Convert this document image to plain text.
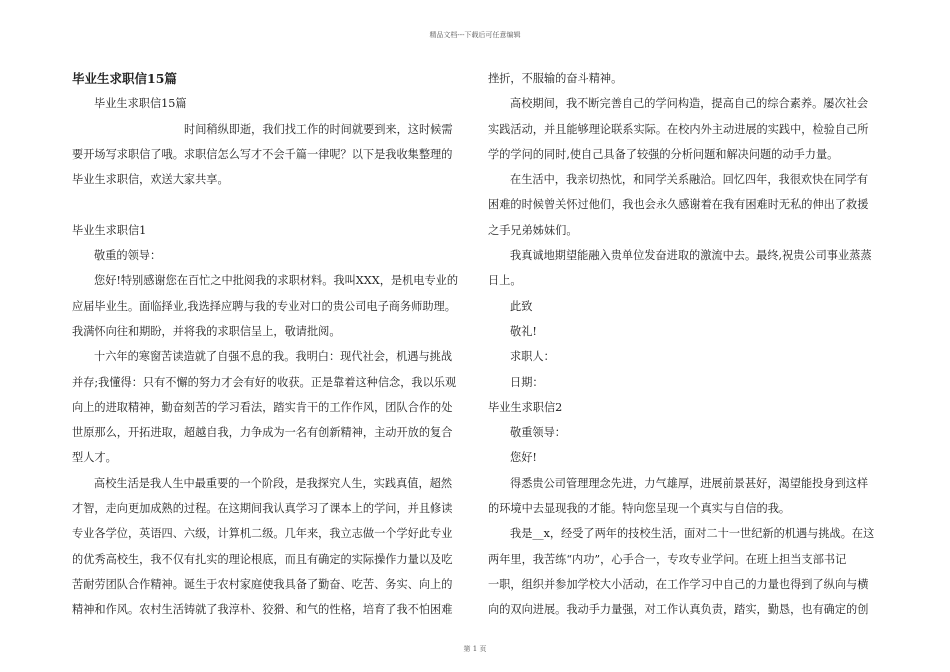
精品文档---下载后可任意编辑

毕业生求职信15篇

毕业生求职信15篇

时间稍纵即逝，我们找工作的时间就要到来，这时候需

要开场写求职信了哦。求职信怎么写才不会千篇一律呢？以下是我收集整理的

毕业生求职信，欢送大家共享。

毕业生求职信1

敬重的领导：

您好!特别感谢您在百忙之中批阅我的求职材料。我叫XXX，是机电专业的

应届毕业生。面临择业,我选择应聘与我的专业对口的贵公司电子商务师助理。

我满怀向往和期盼，并将我的求职信呈上，敬请批阅。

十六年的寒窗苦读造就了自强不息的我。我明白：现代社会，机遇与挑战

并存;我懂得：只有不懈的努力才会有好的收获。正是靠着这种信念，我以乐观

向上的进取精神，勤奋刻苦的学习看法，踏实肯干的工作作风，团队合作的处

世原那么，开拓进取，超越自我，力争成为一名有创新精神，主动开放的复合

型人才。

高校生活是我人生中最重要的一个阶段，是我探究人生，实践真值，超然

才智，走向更加成熟的过程。在这期间我认真学习了课本上的学问，并且修读

专业各学位，英语四、六级，计算机二级。几年来，我立志做一个学好此专业

的优秀高校生，我不仅有扎实的理论根底，而且有确定的实际操作力量以及吃

苦耐劳团队合作精神。诞生于农村家庭使我具备了勤奋、吃苦、务实、向上的

精神和作风。农村生活铸就了我淳朴、狡猾、和气的性格，培育了我不怕困难

挫折，不服输的奋斗精神。

高校期间，我不断完善自己的学问构造，提高自己的综合素养。屡次社会

实践活动，并且能够理论联系实际。在校内外主动进展的实践中，检验自己所

学的学问的同时,使自己具备了较强的分析问题和解决问题的动手力量。

在生活中，我亲切热忱，和同学关系融洽。回忆四年，我很欢快在同学有

困难的时候曾关怀过他们，我也会永久感谢着在我有困难时无私的伸出了救援

之手兄弟姊妹们。

我真诚地期望能融入贵单位发奋进取的激流中去。最终,祝贵公司事业蒸蒸

日上。

此致

敬礼!

求职人：

日期：

毕业生求职信2

敬重领导：

您好!

得悉贵公司管理理念先进，力气雄厚，进展前景甚好，渴望能投身到这样

的环境中去显现我的才能。特向您呈现一个真实与自信的我。

我是__x，经受了两年的技校生活，面对二十一世纪新的机遇与挑战。在这

两年里，我苦练“内功”，心手合一，专攻专业学问。在班上担当支部书记

一职，组织并参加学校大小活动，在工作学习中自己的力量也得到了纵向与横

向的双向进展。我动手力量强，对工作认真负责，踏实，勤恳，也有确定的创

第 1 页
